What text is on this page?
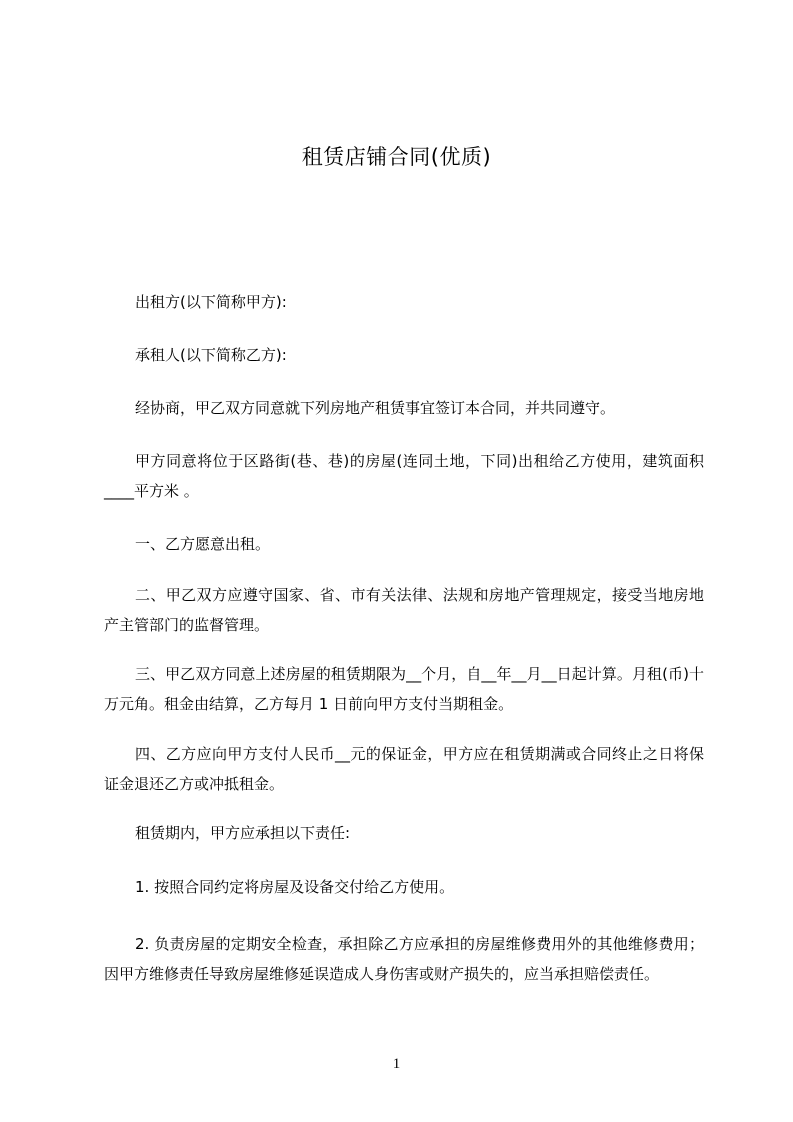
租赁店铺合同(优质)
出租方(以下简称甲方):
承租人(以下简称乙方):
经协商，甲乙双方同意就下列房地产租赁事宜签订本合同，并共同遵守。
甲方同意将位于区路街(巷、巷)的房屋(连同土地，下同)出租给乙方使用，建筑面积____平方米 。
一、乙方愿意出租。
二、甲乙双方应遵守国家、省、市有关法律、法规和房地产管理规定，接受当地房地产主管部门的监督管理。
三、甲乙双方同意上述房屋的租赁期限为__个月，自__年__月__日起计算。月租(币)十万元角。租金由结算，乙方每月 1 日前向甲方支付当期租金。
四、乙方应向甲方支付人民币__元的保证金，甲方应在租赁期满或合同终止之日将保证金退还乙方或冲抵租金。
租赁期内，甲方应承担以下责任:
1. 按照合同约定将房屋及设备交付给乙方使用。
2. 负责房屋的定期安全检查，承担除乙方应承担的房屋维修费用外的其他维修费用；因甲方维修责任导致房屋维修延误造成人身伤害或财产损失的，应当承担赔偿责任。
1
